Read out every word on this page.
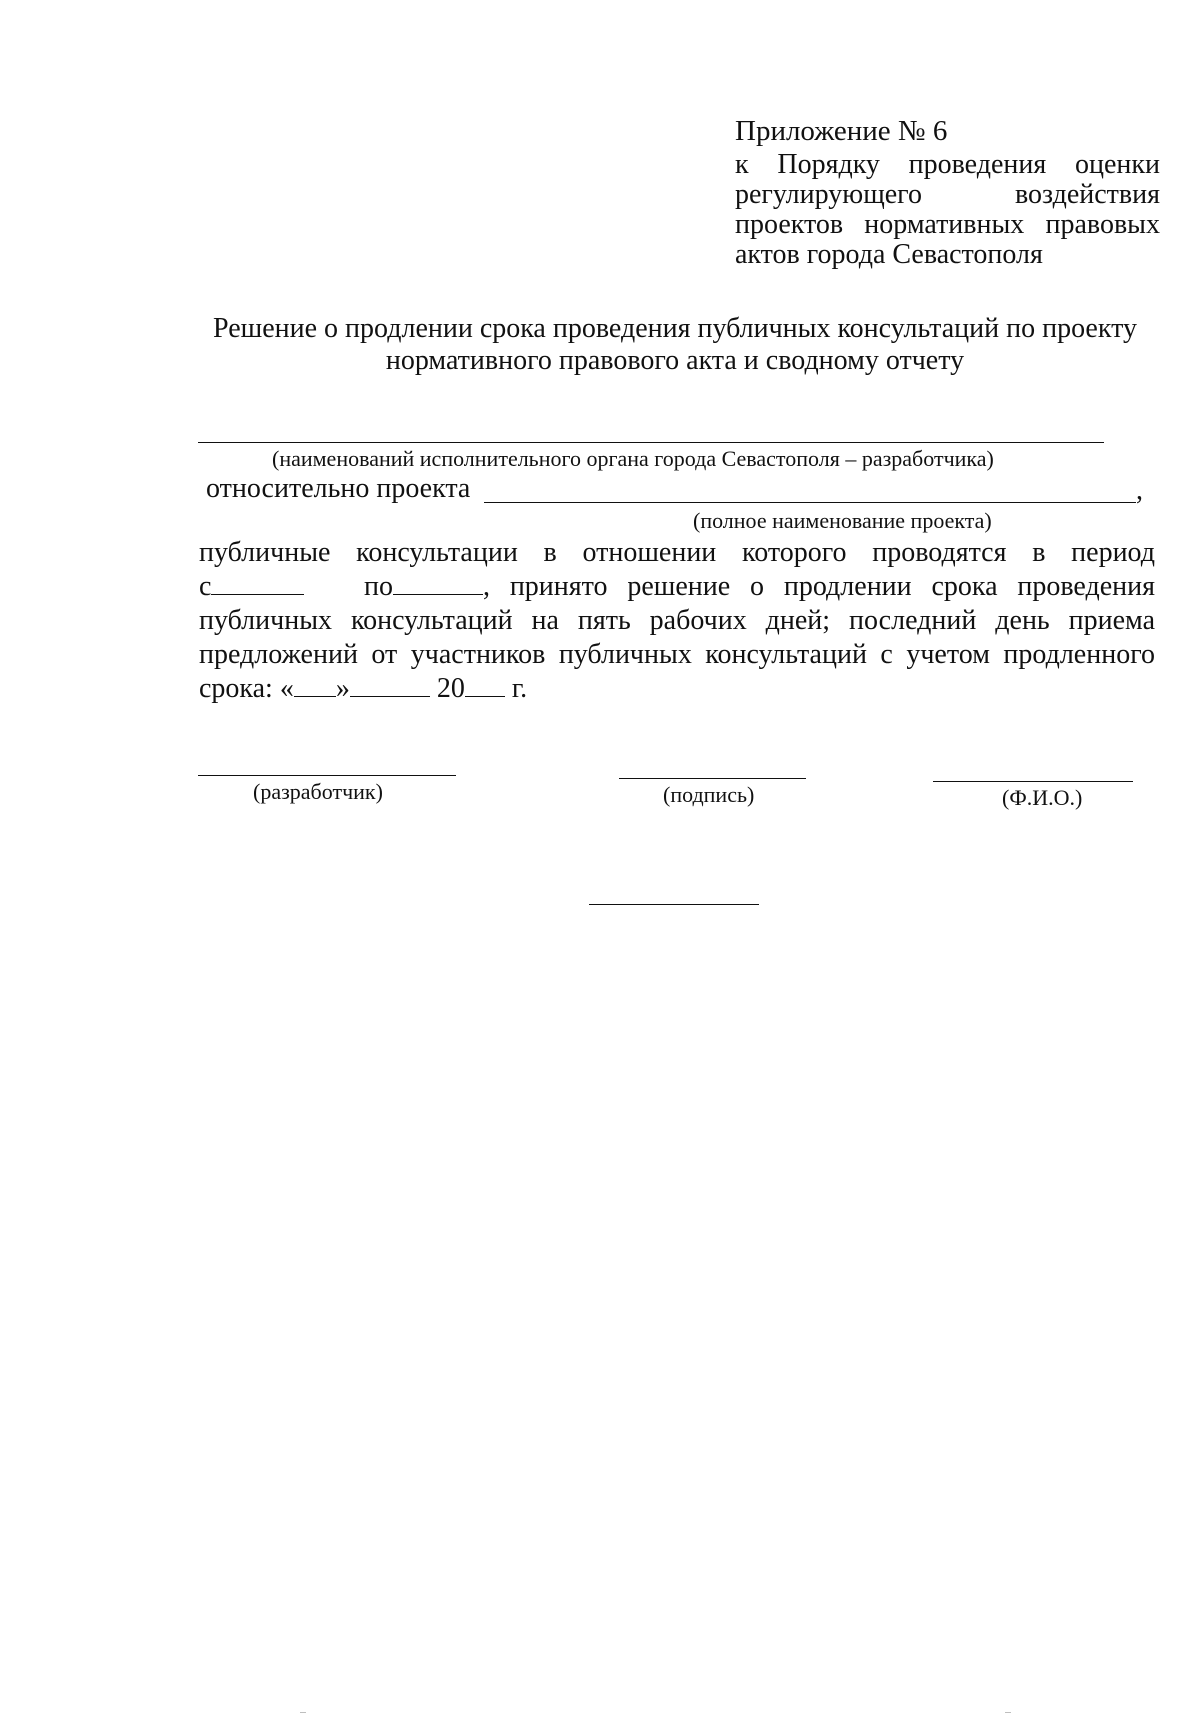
Приложение № 6
к Порядку проведения оценки
регулирующего воздействия
проектов нормативных правовых
актов города Севастополя
Решение о продлении срока проведения публичных консультаций по проекту
нормативного правового акта и сводному отчету
(наименований исполнительного органа города Севастополя – разработчика)
относительно проекта	,
(полное наименование проекта)
публичные консультации в отношении которого проводятся в период
с	по	, принято решение о продлении срока проведения
публичных консультаций на пять рабочих дней; последний день приема
предложений от участников публичных консультаций с учетом продленного
срока: « »	20 г.
(разработчик)	(подпись)	(Ф.И.О.)
